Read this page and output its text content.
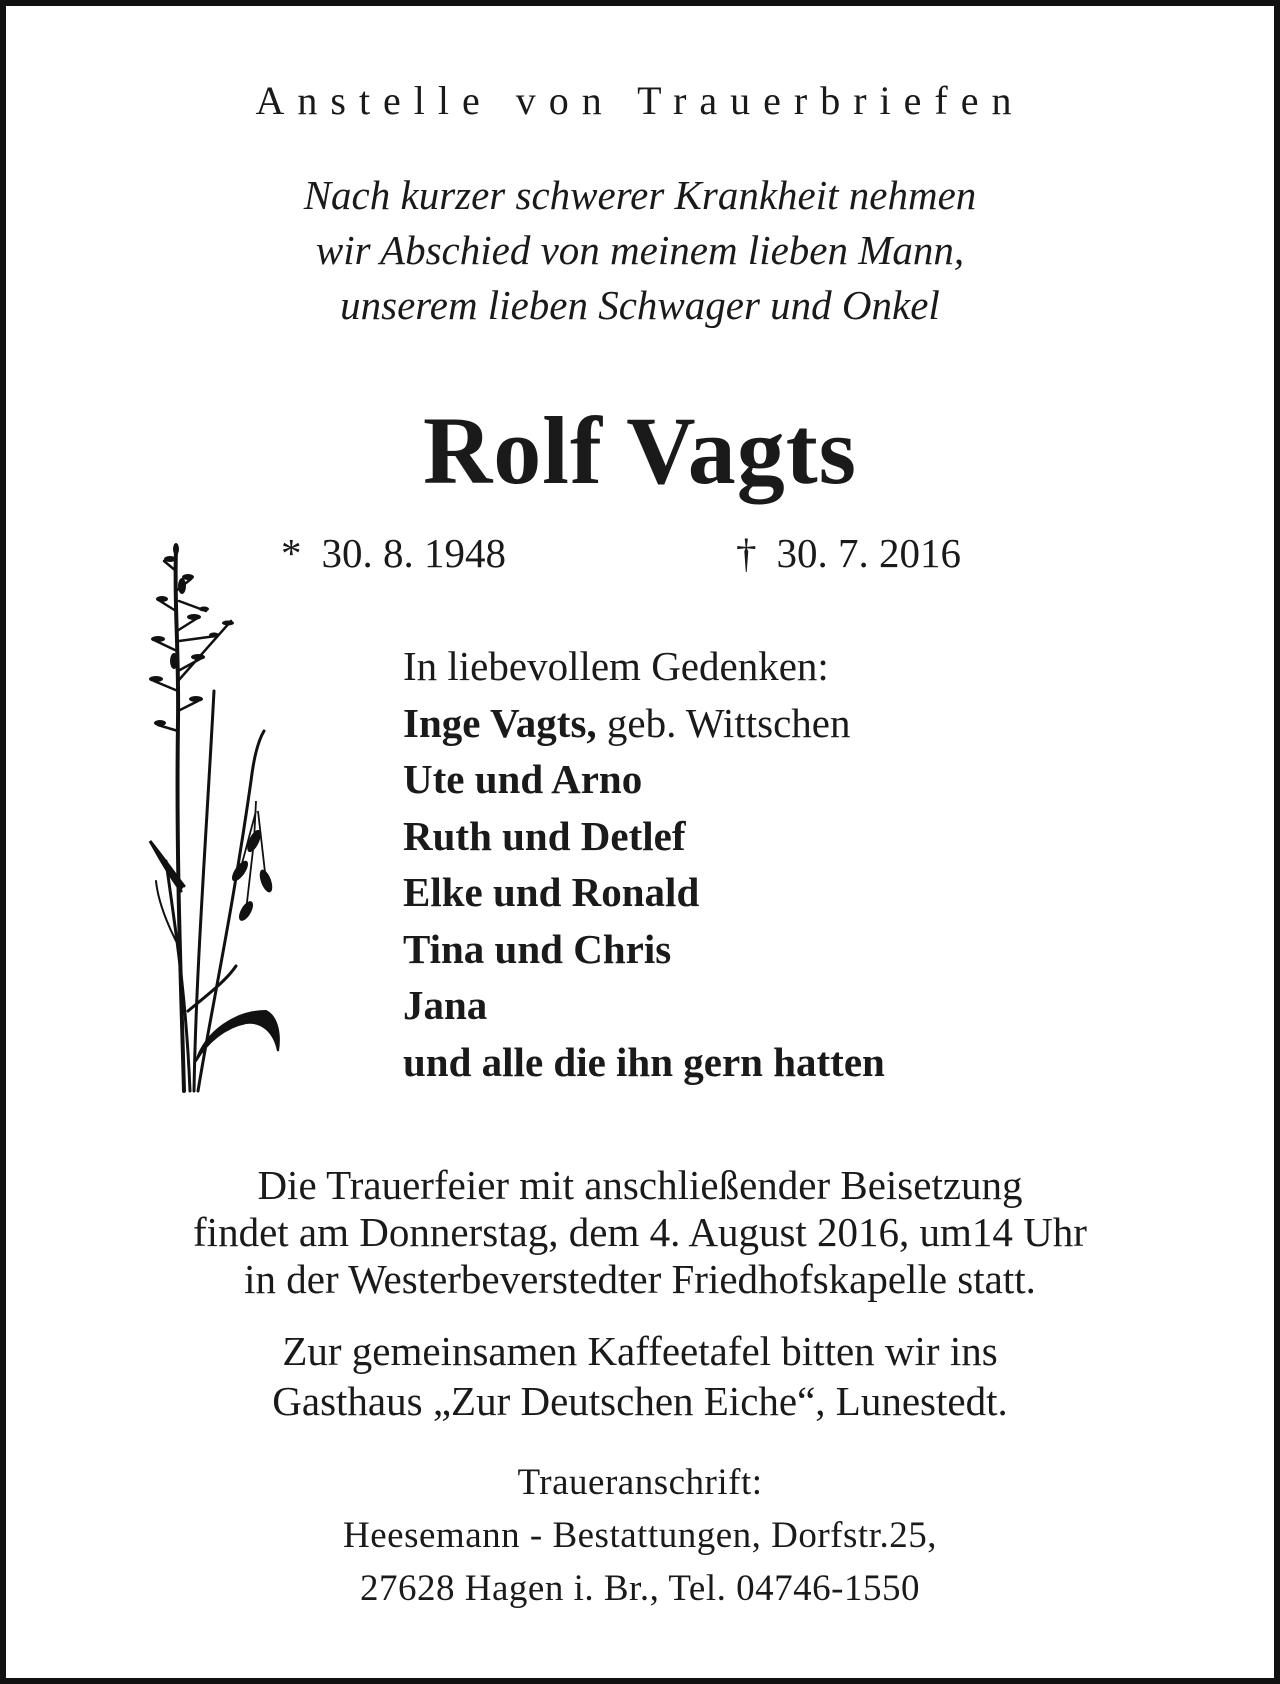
Anstelle von Trauerbriefen
Nach kurzer schwerer Krankheit nehmen
wir Abschied von meinem lieben Mann,
unserem lieben Schwager und Onkel
Rolf Vagts
* 30. 8. 1948	† 30. 7. 2016
In liebevollem Gedenken:
Inge Vagts, geb. Wittschen
Ute und Arno
Ruth und Detlef
Elke und Ronald
Tina und Chris
Jana
und alle die ihn gern hatten
Die Trauerfeier mit anschließender Beisetzung
findet am Donnerstag, dem 4. August 2016, um14 Uhr
in der Westerbeverstedter Friedhofskapelle statt.
Zur gemeinsamen Kaffeetafel bitten wir ins
Gasthaus „Zur Deutschen Eiche“, Lunestedt.
Traueranschrift:
Heesemann - Bestattungen, Dorfstr.25,
27628 Hagen i. Br., Tel. 04746-1550
